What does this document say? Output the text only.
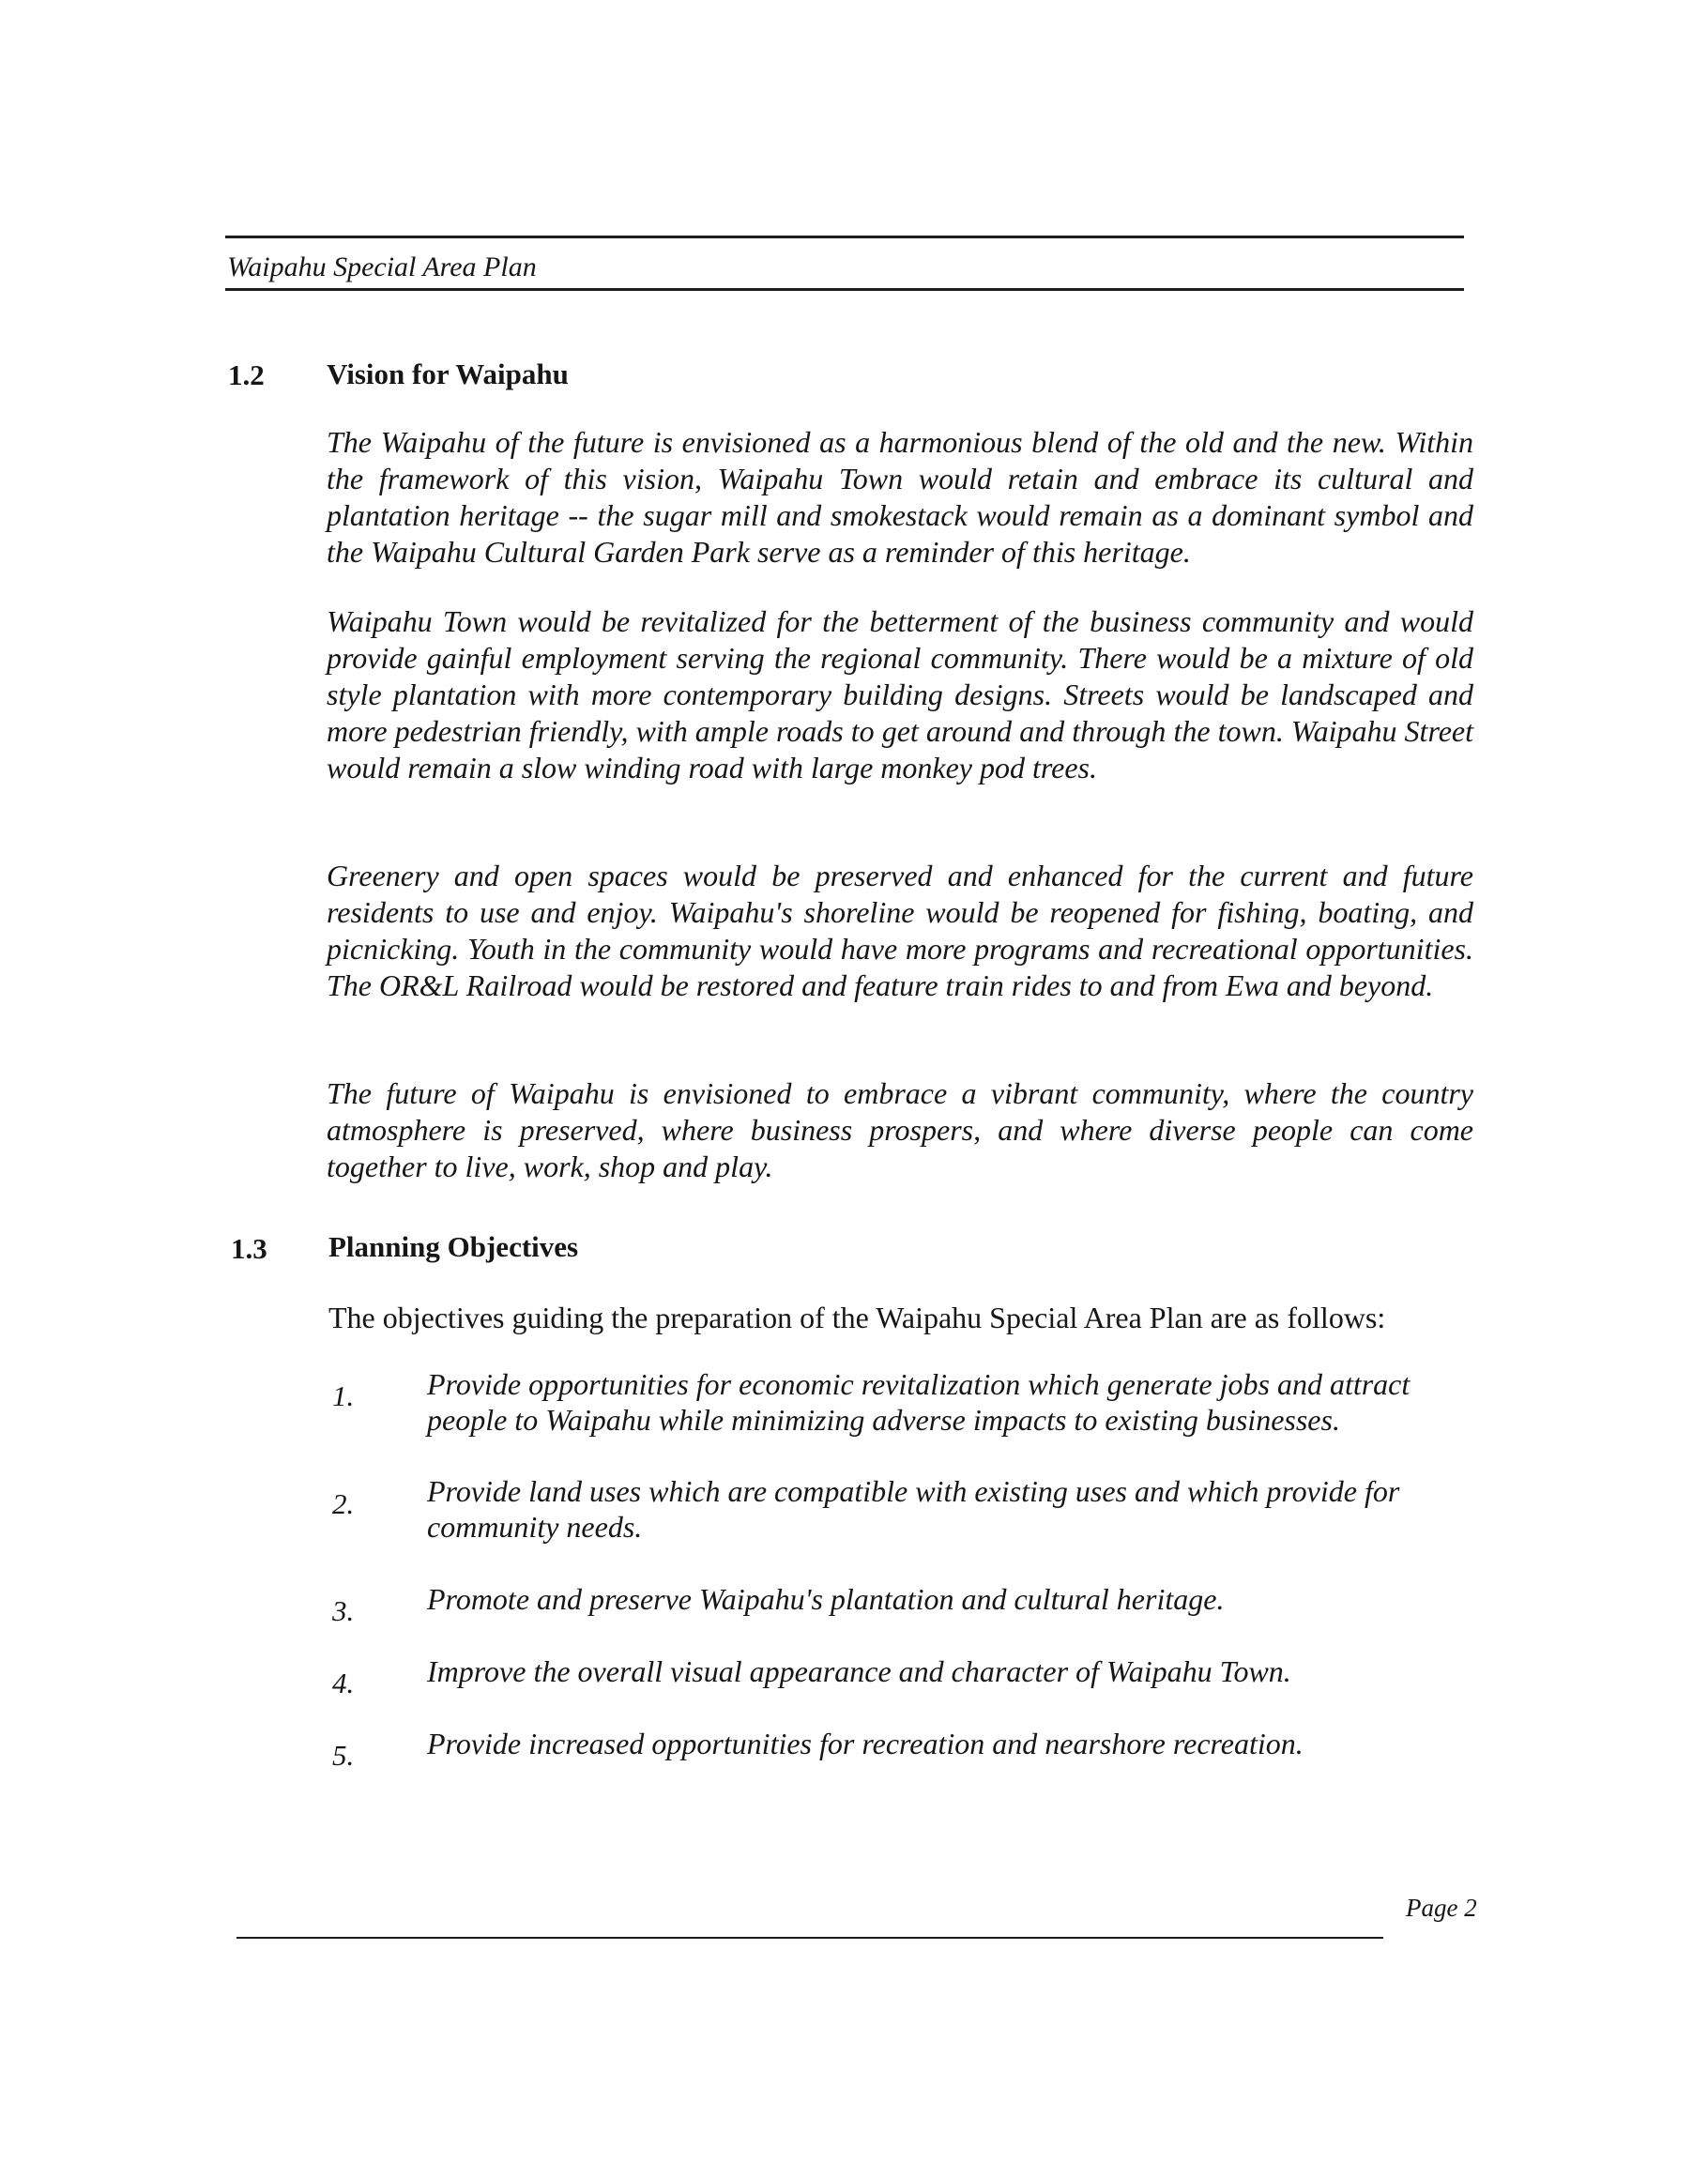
Waipahu Special Area Plan
1.2 Vision for Waipahu

The Waipahu of the future is envisioned as a harmonious blend of the old and the new. Within the framework of this vision, Waipahu Town would retain and embrace its cultural and plantation heritage -- the sugar mill and smokestack would remain as a dominant symbol and the Waipahu Cultural Garden Park serve as a reminder of this heritage.

Waipahu Town would be revitalized for the betterment of the business community and would provide gainful employment serving the regional community. There would be a mixture of old style plantation with more contemporary building designs. Streets would be landscaped and more pedestrian friendly, with ample roads to get around and through the town. Waipahu Street would remain a slow winding road with large monkey pod trees.

Greenery and open spaces would be preserved and enhanced for the current and future residents to use and enjoy. Waipahu's shoreline would be reopened for fishing, boating, and picnicking. Youth in the community would have more programs and recreational opportunities. The OR&L Railroad would be restored and feature train rides to and from Ewa and beyond.

The future of Waipahu is envisioned to embrace a vibrant community, where the country atmosphere is preserved, where business prospers, and where diverse people can come together to live, work, shop and play.

1.3 Planning Objectives

The objectives guiding the preparation of the Waipahu Special Area Plan are as follows:

1. Provide opportunities for economic revitalization which generate jobs and attract people to Waipahu while minimizing adverse impacts to existing businesses.
2. Provide land uses which are compatible with existing uses and which provide for community needs.
3. Promote and preserve Waipahu's plantation and cultural heritage.
4. Improve the overall visual appearance and character of Waipahu Town.
5. Provide increased opportunities for recreation and nearshore recreation.
Page 2
